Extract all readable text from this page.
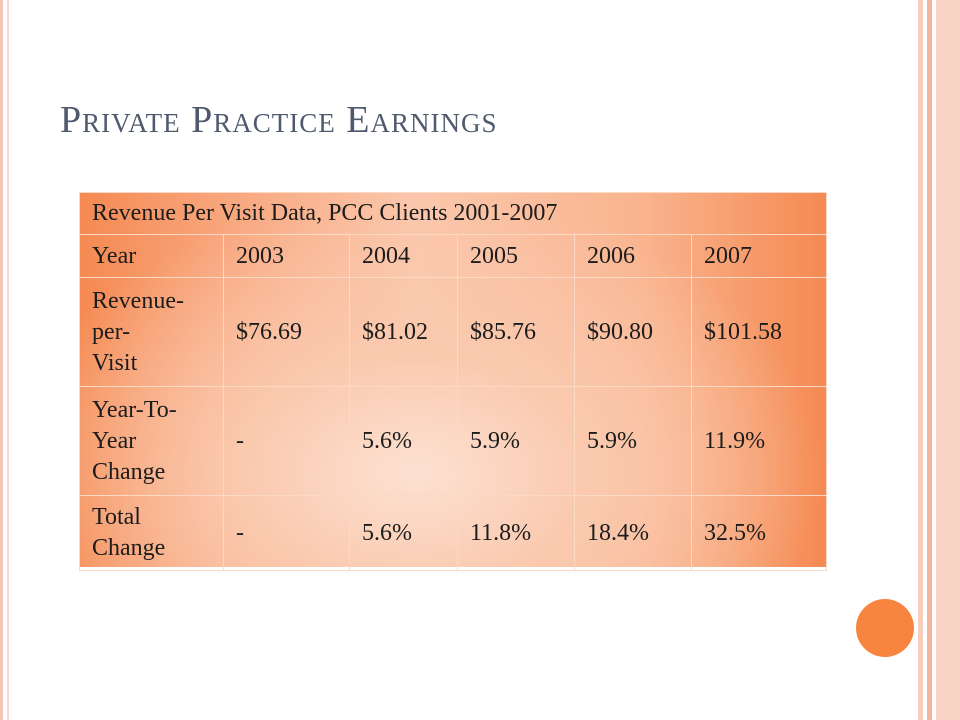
Private Practice Earnings
Revenue Per Visit Data, PCC Clients 2001-2007					
Year	2003	2004	2005	2006	2007
Revenue-
per-
Visit	$76.69	$81.02	$85.76	$90.80	$101.58
Year-To-
Year
Change	-	5.6%	5.9%	5.9%	11.9%
Total
Change	-	5.6%	11.8%	18.4%	32.5%
